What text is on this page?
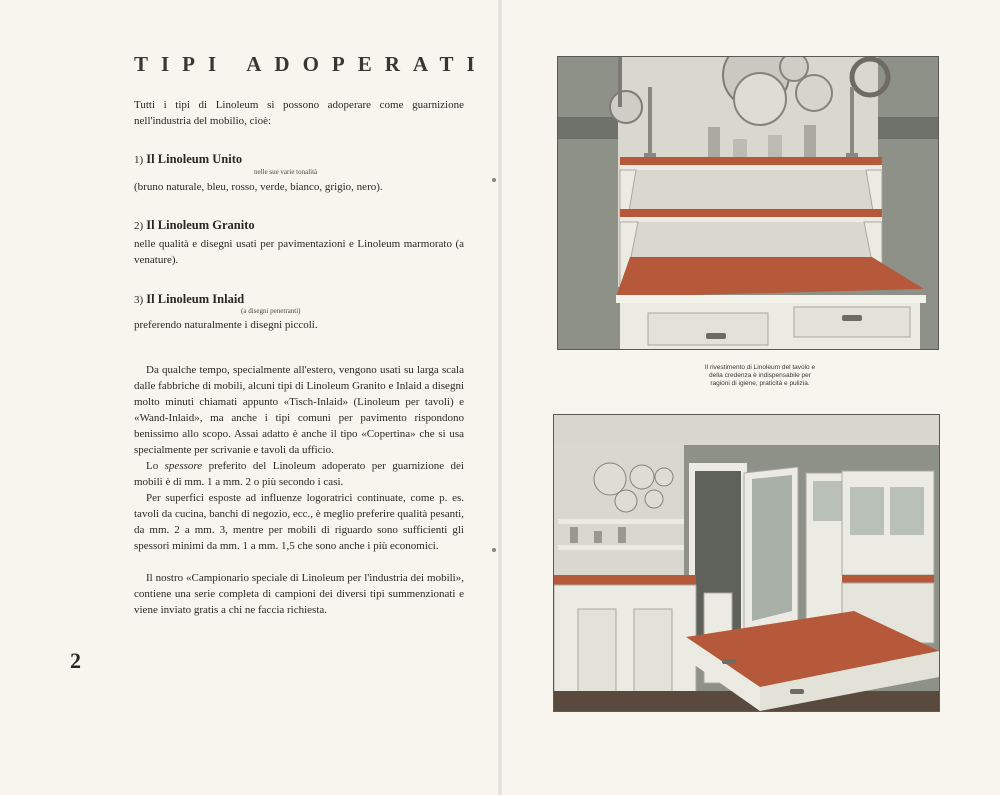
TIPI ADOPERATI

Tutti i tipi di Linoleum si possono adoperare come guarnizione nell'industria del mobilio, cioè:

1) Il Linoleum Unito

nelle sue varie tonalità

(bruno naturale, bleu, rosso, verde, bianco, grigio, nero).

2) Il Linoleum Granito

nelle qualità e disegni usati per pavimentazioni e Linoleum marmorato (a venature).

3) Il Linoleum Inlaid

(a disegni penetranti)

preferendo naturalmente i disegni piccoli.

Da qualche tempo, specialmente all'estero, vengono usati su larga scala dalle fabbriche di mobili, alcuni tipi di Linoleum Granito e Inlaid a disegni molto minuti chiamati appunto «Tisch-Inlaid» (Linoleum per tavoli) e «Wand-Inlaid», ma anche i tipi comuni per pavimento rispondono benissimo allo scopo. Assai adatto è anche il tipo «Copertina» che si usa specialmente per scrivanie e tavoli da ufficio.

Lo spessore preferito del Linoleum adoperato per guarnizione dei mobili è di mm. 1 a mm. 2 o più secondo i casi.

Per superfici esposte ad influenze logoratrici continuate, come p. es. tavoli da cucina, banchi di negozio, ecc., è meglio preferire qualità pesanti, da mm. 2 a mm. 3, mentre per mobili di riguardo sono sufficienti gli spessori minimi da mm. 1 a mm. 1,5 che sono anche i più economici.

Il nostro «Campionario speciale di Linoleum per l'industria dei mobili», contiene una serie completa di campioni dei diversi tipi summenzionati e viene inviato gratis a chi ne faccia richiesta.

2

Il rivestimento di Linoleum del tavolo e della credenza è indispensabile per ragioni di igiene, praticità e pulizia.
